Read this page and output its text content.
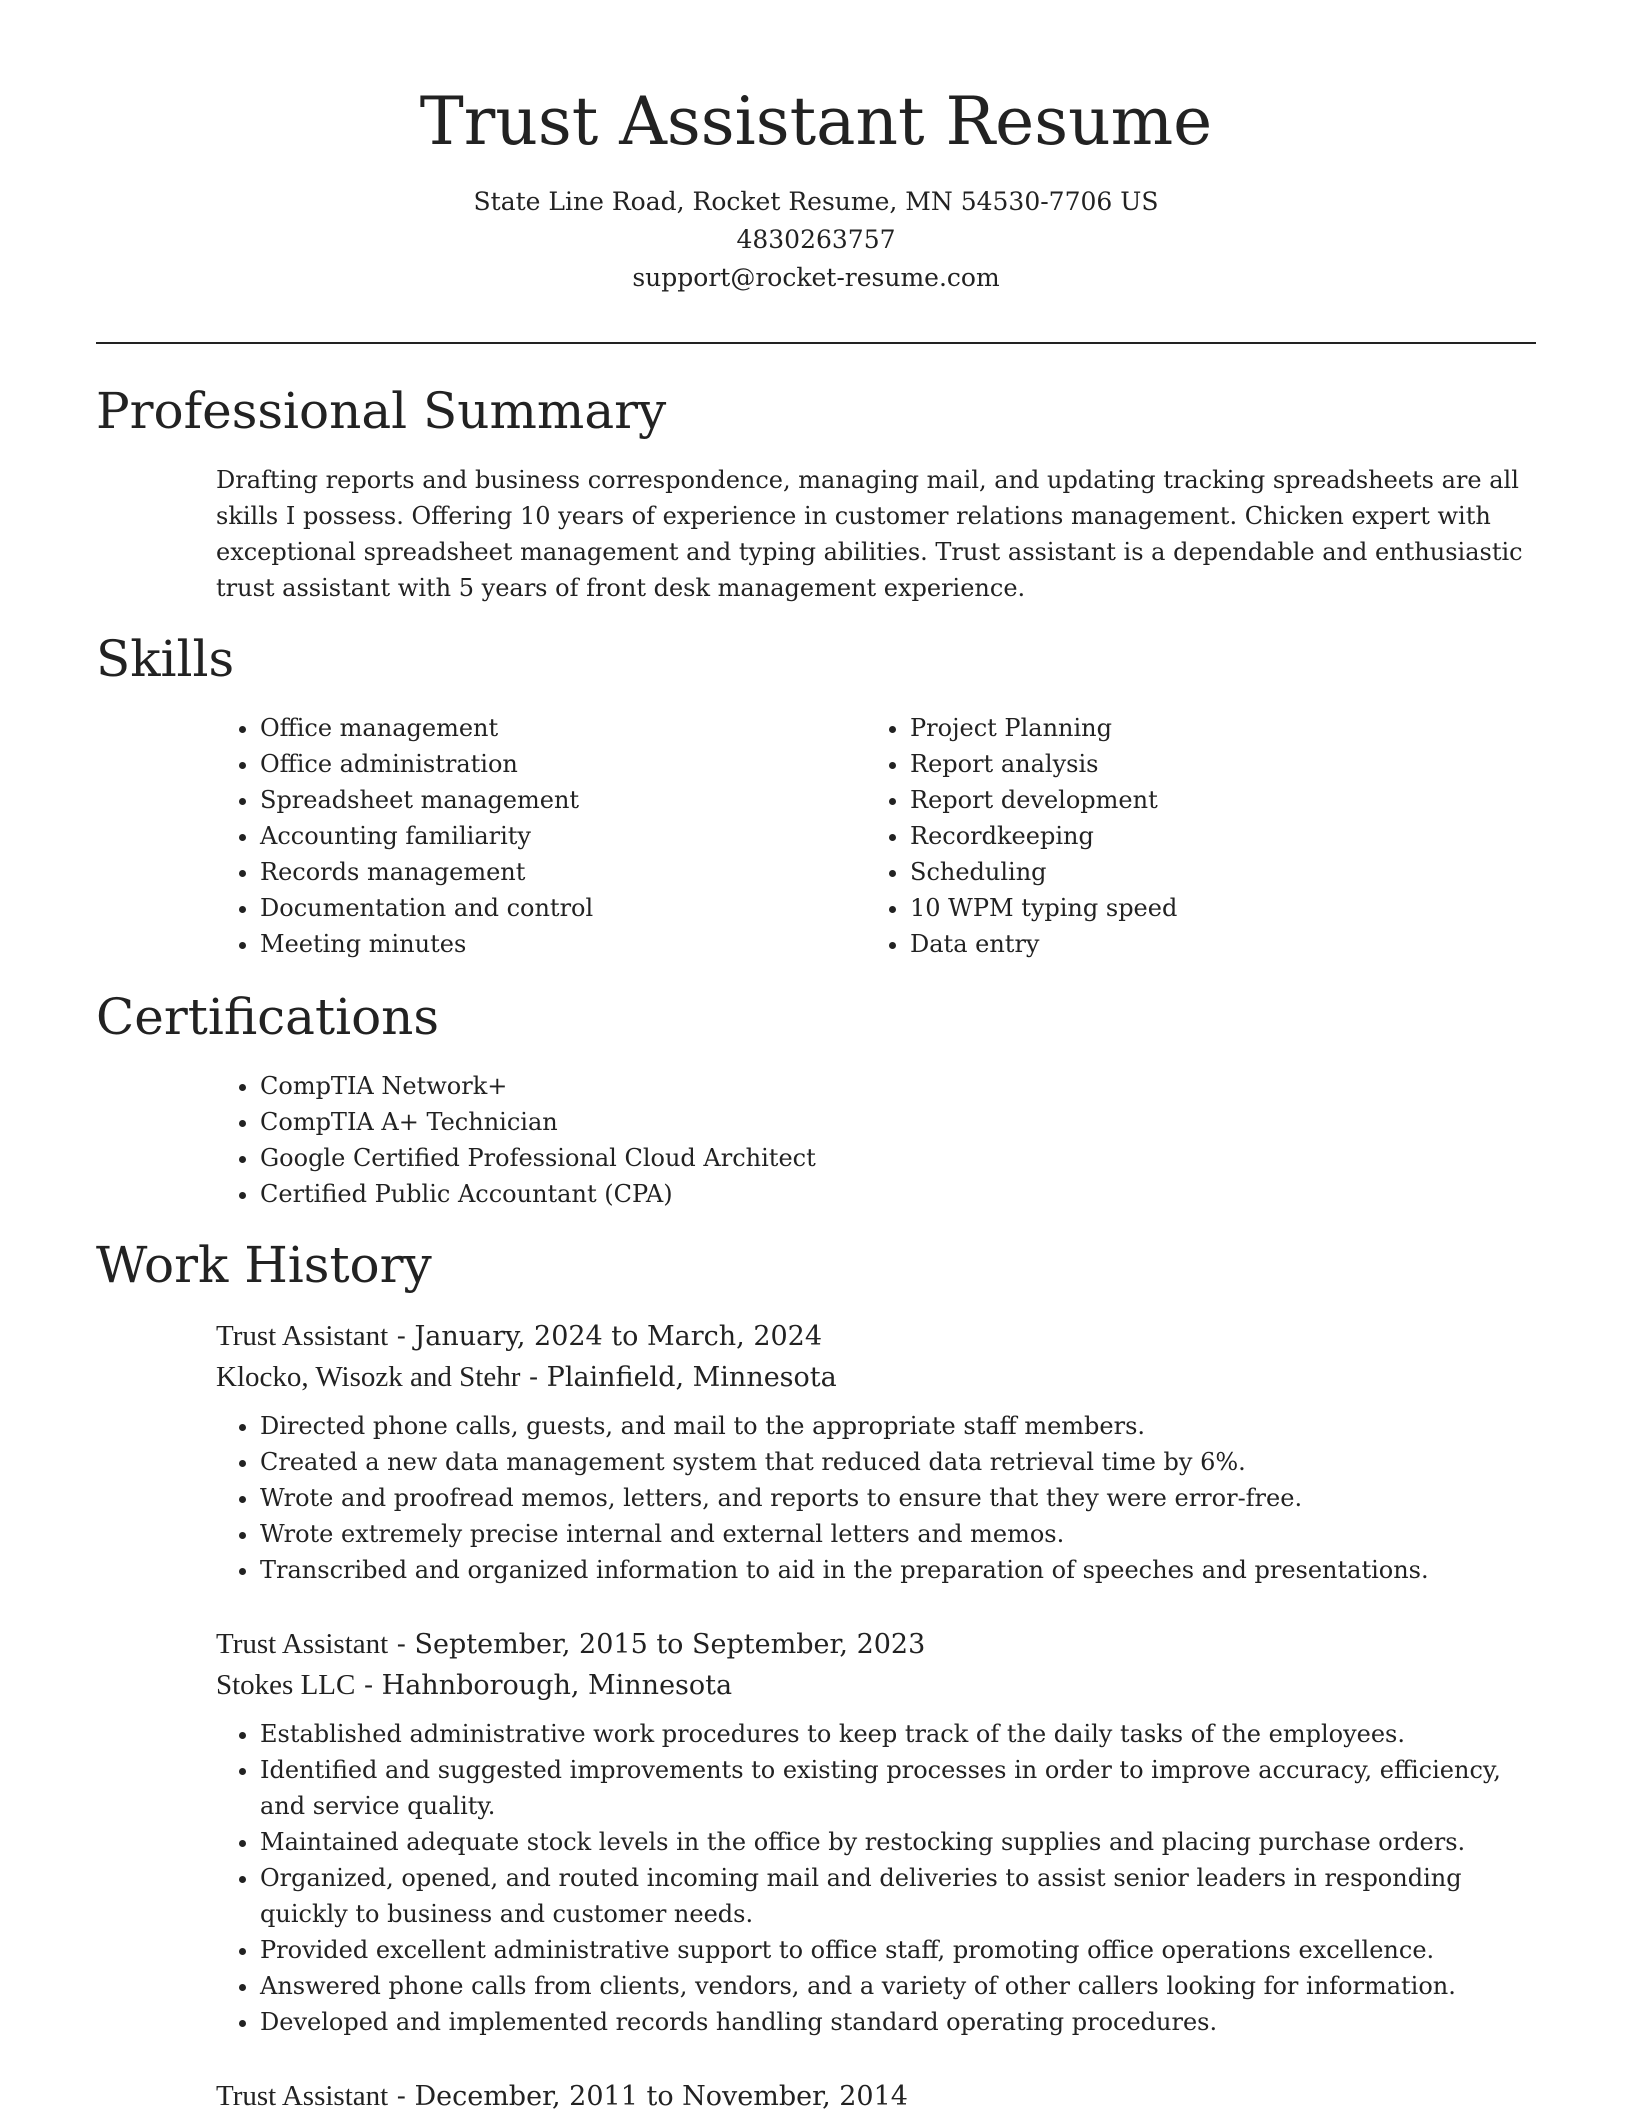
Trust Assistant Resume
State Line Road, Rocket Resume, MN 54530-7706 US
4830263757
support@rocket-resume.com
Professional Summary

Drafting reports and business correspondence, managing mail, and updating tracking spreadsheets are all skills I possess. Offering 10 years of experience in customer relations management. Chicken expert with exceptional spreadsheet management and typing abilities. Trust assistant is a dependable and enthusiastic trust assistant with 5 years of front desk management experience.

Skills
• Office management
• Office administration
• Spreadsheet management
• Accounting familiarity
• Records management
• Documentation and control
• Meeting minutes
• Project Planning
• Report analysis
• Report development
• Recordkeeping
• Scheduling
• 10 WPM typing speed
• Data entry
Certifications
• CompTIA Network+
• CompTIA A+ Technician
• Google Certified Professional Cloud Architect
• Certified Public Accountant (CPA)
Work History
Trust Assistant - January, 2024 to March, 2024
Klocko, Wisozk and Stehr - Plainfield, Minnesota
• Directed phone calls, guests, and mail to the appropriate staff members.
• Created a new data management system that reduced data retrieval time by 6%.
• Wrote and proofread memos, letters, and reports to ensure that they were error-free.
• Wrote extremely precise internal and external letters and memos.
• Transcribed and organized information to aid in the preparation of speeches and presentations.
Trust Assistant - September, 2015 to September, 2023
Stokes LLC - Hahnborough, Minnesota
• Established administrative work procedures to keep track of the daily tasks of the employees.
• Identified and suggested improvements to existing processes in order to improve accuracy, efficiency, and service quality.
• Maintained adequate stock levels in the office by restocking supplies and placing purchase orders.
• Organized, opened, and routed incoming mail and deliveries to assist senior leaders in responding quickly to business and customer needs.
• Provided excellent administrative support to office staff, promoting office operations excellence.
• Answered phone calls from clients, vendors, and a variety of other callers looking for information.
• Developed and implemented records handling standard operating procedures.
Trust Assistant - December, 2011 to November, 2014
